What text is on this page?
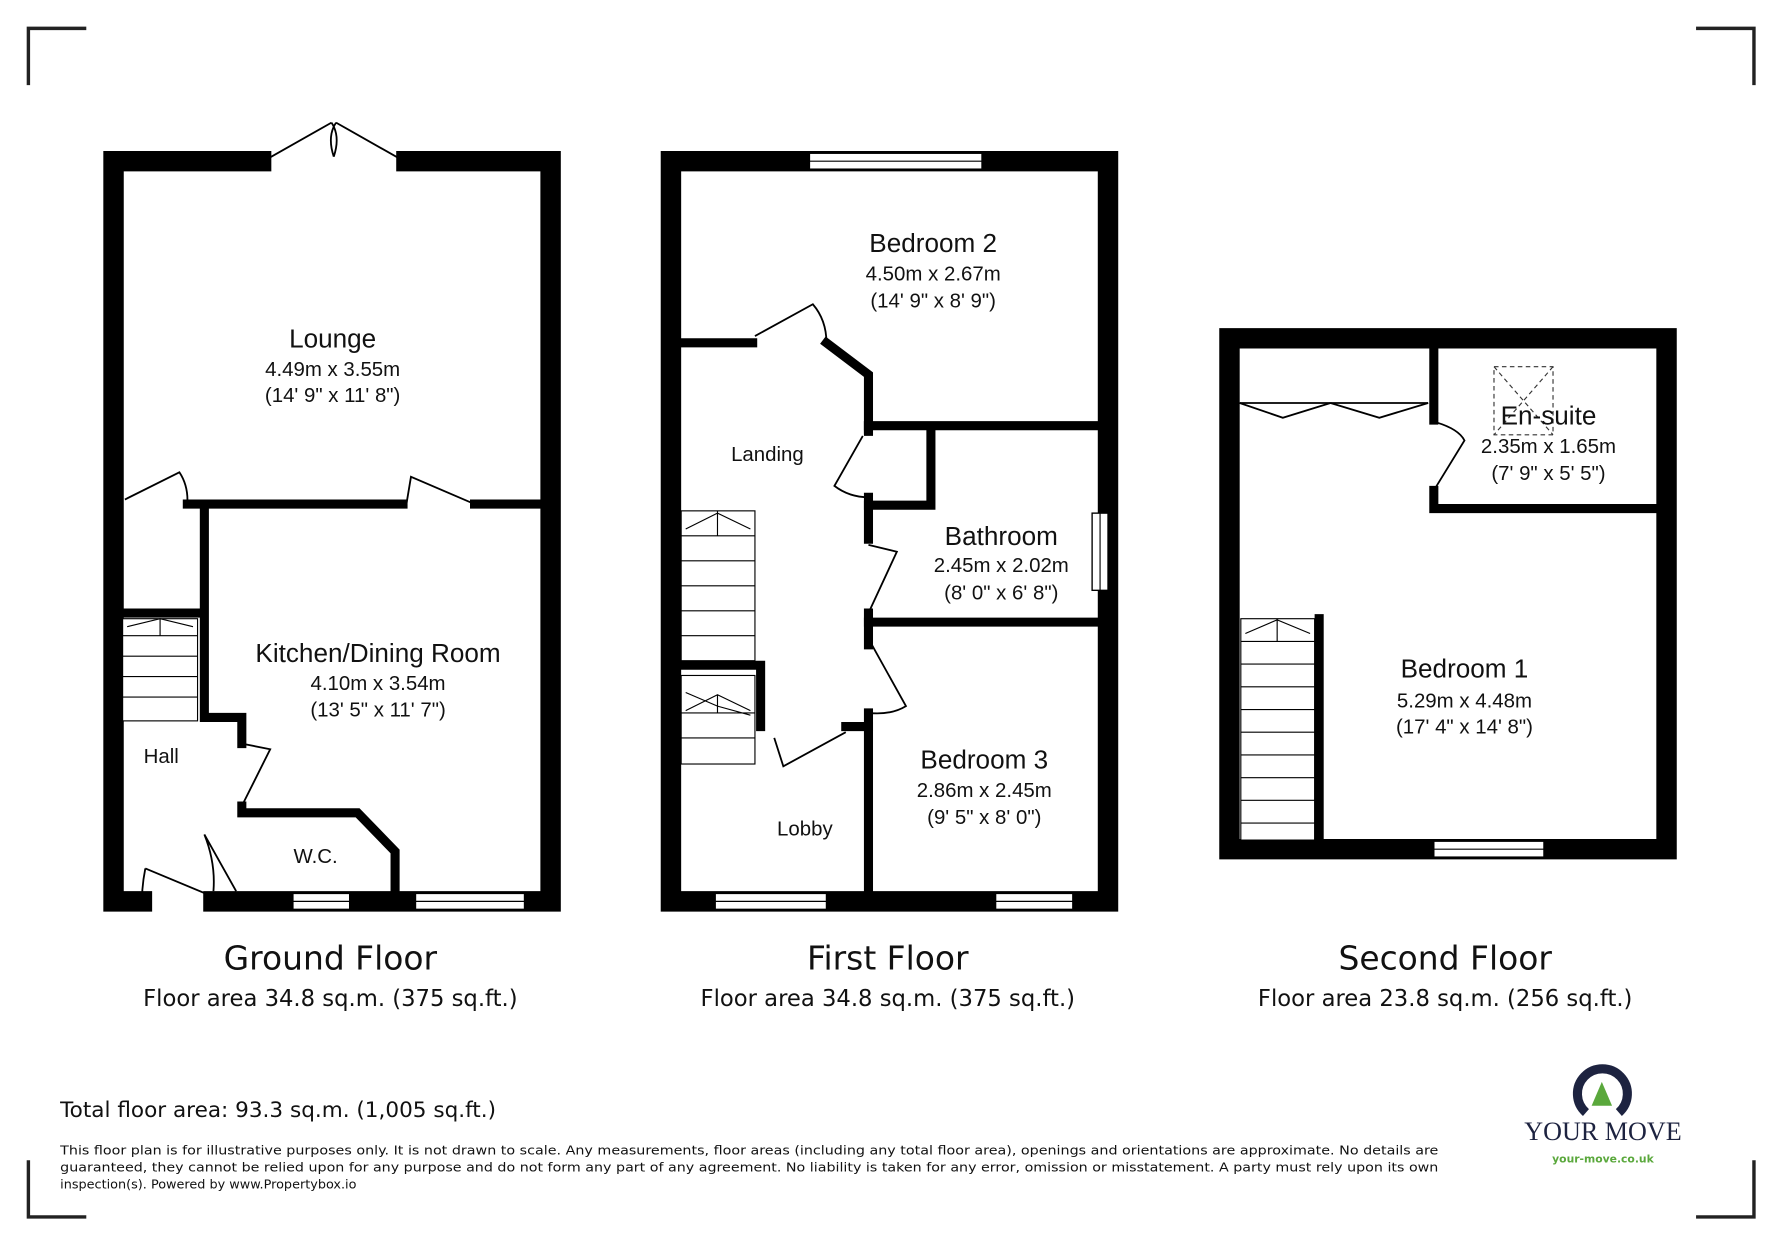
Lounge
4.49m x 3.55m
(14' 9" x 11' 8")
Kitchen/Dining Room
4.10m x 3.54m
(13' 5" x 11' 7")
Hall
W.C.
Ground Floor
Floor area 34.8 sq.m. (375 sq.ft.)
Bedroom 2
4.50m x 2.67m
(14' 9" x 8' 9")
Bathroom
2.45m x 2.02m
(8' 0" x 6' 8")
Bedroom 3
2.86m x 2.45m
(9' 5" x 8' 0")
Landing
Lobby
First Floor
Floor area 34.8 sq.m. (375 sq.ft.)
En-suite
2.35m x 1.65m
(7' 9" x 5' 5")
Bedroom 1
5.29m x 4.48m
(17' 4" x 14' 8")
Second Floor
Floor area 23.8 sq.m. (256 sq.ft.)
Total floor area: 93.3 sq.m. (1,005 sq.ft.)
This floor plan is for illustrative purposes only. It is not drawn to scale. Any measurements, floor areas (including any total floor area), openings and orientations are approximate. No details are
guaranteed, they cannot be relied upon for any purpose and do not form any part of any agreement. No liability is taken for any error, omission or misstatement. A party must rely upon its own
inspection(s). Powered by www.Propertybox.io
YOUR MOVE
your-move.co.uk
